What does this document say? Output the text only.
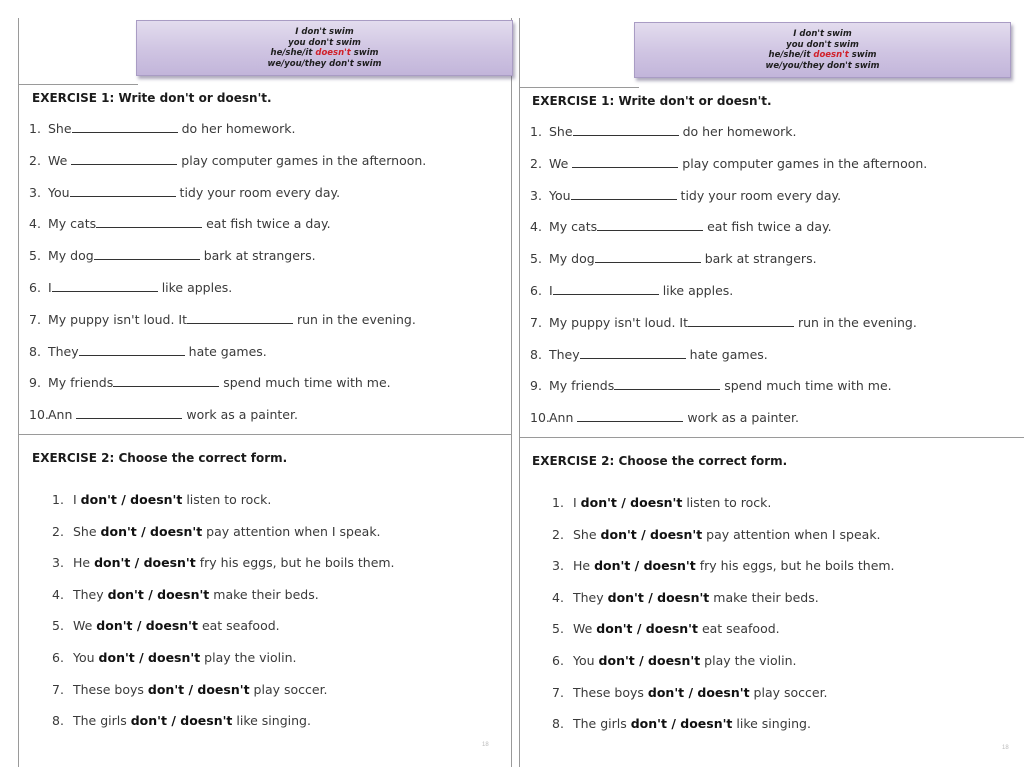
I don't swim
you don't swim
he/she/it doesn't swim
we/you/they don't swim
EXERCISE 1: Write don't or doesn't.
1. She	do her homework.
2. We	play computer games in the afternoon.
3. You	tidy your room every day.
4. My cats	eat fish twice a day.
5. My dog	bark at strangers.
6. I	like apples.
7. My puppy isn't loud. It	run in the evening.
8. They	hate games.
9. My friends	spend much time with me.
10.Ann	work as a painter.
EXERCISE 2: Choose the correct form.
1. I don't / doesn't listen to rock.
2. She don't / doesn't pay attention when I speak.
3. He don't / doesn't fry his eggs, but he boils them.
4. They don't / doesn't make their beds.
5. We don't / doesn't eat seafood.
6. You don't / doesn't play the violin.
7. These boys don't / doesn't play soccer.
8. The girls don't / doesn't like singing.
18
I don't swim
you don't swim
he/she/it doesn't swim
we/you/they don't swim
EXERCISE 1: Write don't or doesn't.
1. She	do her homework.
2. We	play computer games in the afternoon.
3. You	tidy your room every day.
4. My cats	eat fish twice a day.
5. My dog	bark at strangers.
6. I	like apples.
7. My puppy isn't loud. It	run in the evening.
8. They	hate games.
9. My friends	spend much time with me.
10.Ann	work as a painter.
EXERCISE 2: Choose the correct form.
1. I don't / doesn't listen to rock.
2. She don't / doesn't pay attention when I speak.
3. He don't / doesn't fry his eggs, but he boils them.
4. They don't / doesn't make their beds.
5. We don't / doesn't eat seafood.
6. You don't / doesn't play the violin.
7. These boys don't / doesn't play soccer.
8. The girls don't / doesn't like singing.
18
